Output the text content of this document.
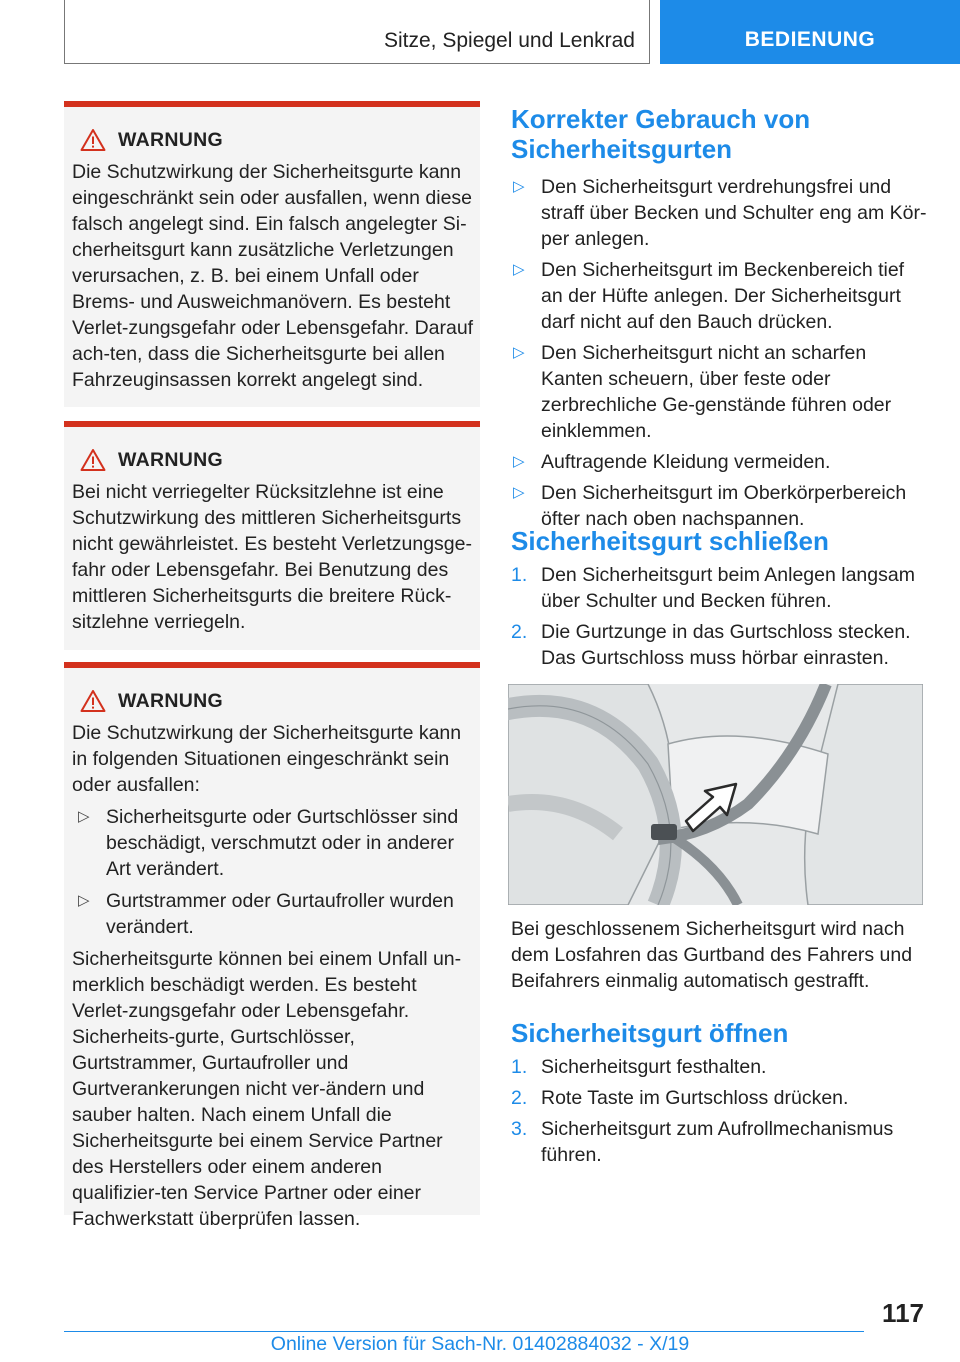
Sitze, Spiegel und Lenkrad	BEDIENUNG
WARNUNG

Die Schutzwirkung der Sicherheitsgurte kann eingeschränkt sein oder ausfallen, wenn diese falsch angelegt sind. Ein falsch angelegter Si-cherheitsgurt kann zusätzliche Verletzungen verursachen, z. B. bei einem Unfall oder Brems- und Ausweichmanövern. Es besteht Verlet-zungsgefahr oder Lebensgefahr. Darauf ach-ten, dass die Sicherheitsgurte bei allen Fahrzeuginsassen korrekt angelegt sind.

WARNUNG

Bei nicht verriegelter Rücksitzlehne ist eine Schutzwirkung des mittleren Sicherheitsgurts nicht gewährleistet. Es besteht Verletzungsge-fahr oder Lebensgefahr. Bei Benutzung des mittleren Sicherheitsgurts die breitere Rück-sitzlehne verriegeln.

WARNUNG

Die Schutzwirkung der Sicherheitsgurte kann in folgenden Situationen eingeschränkt sein oder ausfallen:

▷ Sicherheitsgurte oder Gurtschlösser sind beschädigt, verschmutzt oder in anderer Art verändert.
▷ Gurtstrammer oder Gurtaufroller wurden verändert.

Sicherheitsgurte können bei einem Unfall un-merklich beschädigt werden. Es besteht Verlet-zungsgefahr oder Lebensgefahr. Sicherheits-gurte, Gurtschlösser, Gurtstrammer, Gurtaufroller und Gurtverankerungen nicht ver-ändern und sauber halten. Nach einem Unfall die Sicherheitsgurte bei einem Service Partner des Herstellers oder einem anderen qualifizier-ten Service Partner oder einer Fachwerkstatt überprüfen lassen.

Korrekter Gebrauch von Sicherheitsgurten
▷ Den Sicherheitsgurt verdrehungsfrei und straff über Becken und Schulter eng am Kör-per anlegen.
▷ Den Sicherheitsgurt im Beckenbereich tief an der Hüfte anlegen. Der Sicherheitsgurt darf nicht auf den Bauch drücken.
▷ Den Sicherheitsgurt nicht an scharfen Kanten scheuern, über feste oder zerbrechliche Ge-genstände führen oder einklemmen.
▷ Auftragende Kleidung vermeiden.
▷ Den Sicherheitsgurt im Oberkörperbereich öfter nach oben nachspannen.
Sicherheitsgurt schließen
1. Den Sicherheitsgurt beim Anlegen langsam über Schulter und Becken führen.
2. Die Gurtzunge in das Gurtschloss stecken. Das Gurtschloss muss hörbar einrasten.

Bei geschlossenem Sicherheitsgurt wird nach dem Losfahren das Gurtband des Fahrers und Beifahrers einmalig automatisch gestrafft.

Sicherheitsgurt öffnen
1. Sicherheitsgurt festhalten.
2. Rote Taste im Gurtschloss drücken.
3. Sicherheitsgurt zum Aufrollmechanismus führen.
117
Online Version für Sach-Nr. 01402884032 - X/19
